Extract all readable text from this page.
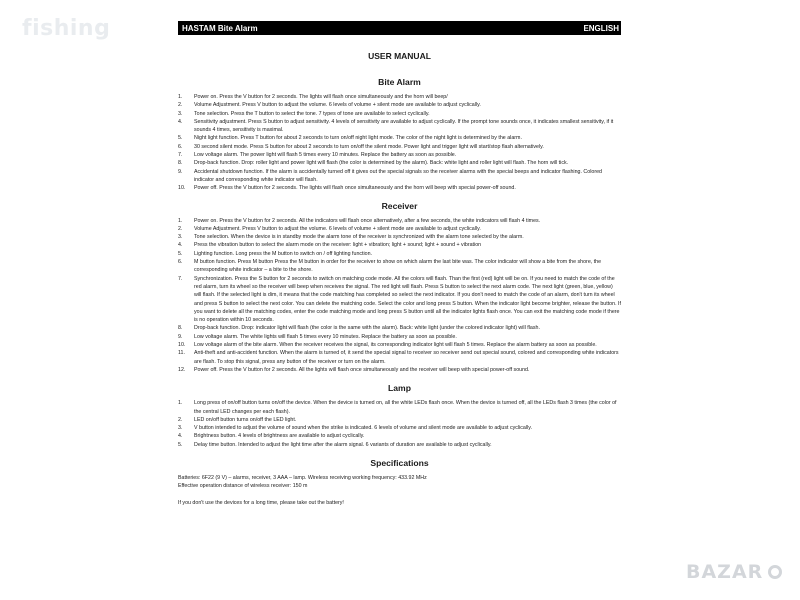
fishing	HASTAM Bite Alarm	ENGLISH
USER MANUAL
Bite Alarm
1.	Power on. Press the V button for 2 seconds. The lights will flash once simultaneously and the horn will beep/
2.	Volume Adjustment. Press V button to adjust the volume. 6 levels of volume + silent mode are available to adjust cyclically.
3.	Tone selection. Press the T button to select the tone. 7 types of tone are available to select cyclically.
4.	Sensitivity adjustment. Press S button to adjust sensitivity. 4 levels of sensitivity are available to adjust cyclically. If the prompt tone sounds once, it indicates smallest sensitivity, if it sounds 4 times, sensitivity is maximal.
5.	Night light function. Press T button for about 2 seconds to turn on/off night light mode. The color of the night light is determined by the alarm.
6.	30 second silent mode. Press S button for about 2 seconds to turn on/off the silent mode. Power light and trigger light will start/stop flash alternatively.
7.	Low voltage alarm. The power light will flash 5 times every 10 minutes. Replace the battery as soon as possible.
8.	Drop-back function. Drop: roller light and power light will flash (the color is determined by the alarm). Back: white light and roller light will flash. The horn will tick.
9.	Accidental shutdown function. If the alarm is accidentally turned off it gives out the special signals so the receiver alarms with the special beeps and indicator flashing. Colored indicator and corresponding white indicator will flash.
10.	Power off. Press the V button for 2 seconds. The lights will flash once simultaneously and the horn will beep with special power-off sound.
Receiver
1.	Power on. Press the V button for 2 seconds. All the indicators will flash once alternatively, after a few seconds, the white indicators will flash 4 times.
2.	Volume Adjustment. Press V button to adjust the volume. 6 levels of volume + silent mode are available to adjust cyclically.
3.	Tone selection. When the device is in standby mode the alarm tone of the receiver is synchronized with the alarm tone selected by the alarm.
4.	Press the vibration button to select the alarm mode on the receiver: light + vibration; light + sound; light + sound + vibration
5.	Lighting function. Long press the M button to switch on / off lighting function.
6.	M button function. Press M button Press the M button in order for the receiver to show on which alarm the last bite was. The color indicator will show a bite from the shore, the corresponding white indicator – a bite to the shore.
7.	Synchronization. Press the S button for 2 seconds to switch on matching code mode. All the colors will flash. Than the first (red) light will be on. If you need to match the code of the red alarm, turn its wheel so the receiver will beep when receives the signal. The red light will flash. Press S button to select the next alarm code. The next light (green, blue, yellow) will flash. If the selected light is dim, it means that the code matching has completed so select the next indicator. If you don't need to match the code of an alarm, don't turn its wheel and press S button to select the next color. You can delete the matching code. Select the color and long press S button. When the indicator light become brighter, release the button. If you want to delete all the matching codes, enter the code matching mode and long press S button until all the indicator lights flash once. You can exit the matching code mode if there is no operation within 10 seconds.
8.	Drop-back function. Drop: indicator light will flash (the color is the same with the alarm). Back: white light (under the colored indicator light) will flash.
9.	Low voltage alarm. The white lights will flash 5 times every 10 minutes. Replace the battery as soon as possible.
10.	Low voltage alarm of the bite alarm. When the receiver receives the signal, its corresponding indicator light will flash 5 times. Replace the alarm battery as soon as possible.
11.	Anti-theft and anti-accident function. When the alarm is turned of, it send the special signal to receiver so receiver send out special sound, colored and corresponding white indicators are flash. To stop this signal, press any button of the receiver or turn on the alarm.
12.	Power off. Press the V button for 2 seconds. All the lights will flash once simultaneously and the receiver will beep with special power-off sound.
Lamp
1.	Long press of on/off button turns on/off the device. When the device is turned on, all the white LEDs flash once. When the device is turned off, all the LEDs flash 3 times (the color of the central LED changes per each flash).
2.	LED on/off button turns on/off the LED light.
3.	V button intended to adjust the volume of sound when the strike is indicated. 6 levels of volume and silent mode are available to adjust cyclically.
4.	Brightness button. 4 levels of brightness are available to adjust cyclically.
5.	Delay time button. Intended to adjust the light time after the alarm signal. 6 variants of duration are available to adjust cyclically.
Specifications
Batteries: 6F22 (9 V) – alarms, receiver, 3 AAA – lamp. Wireless receiving working frequency: 433.92 MHz
Effective operation distance of wireless receiver: 150 m
If you don't use the devices for a long time, please take out the battery!
BAZAR
